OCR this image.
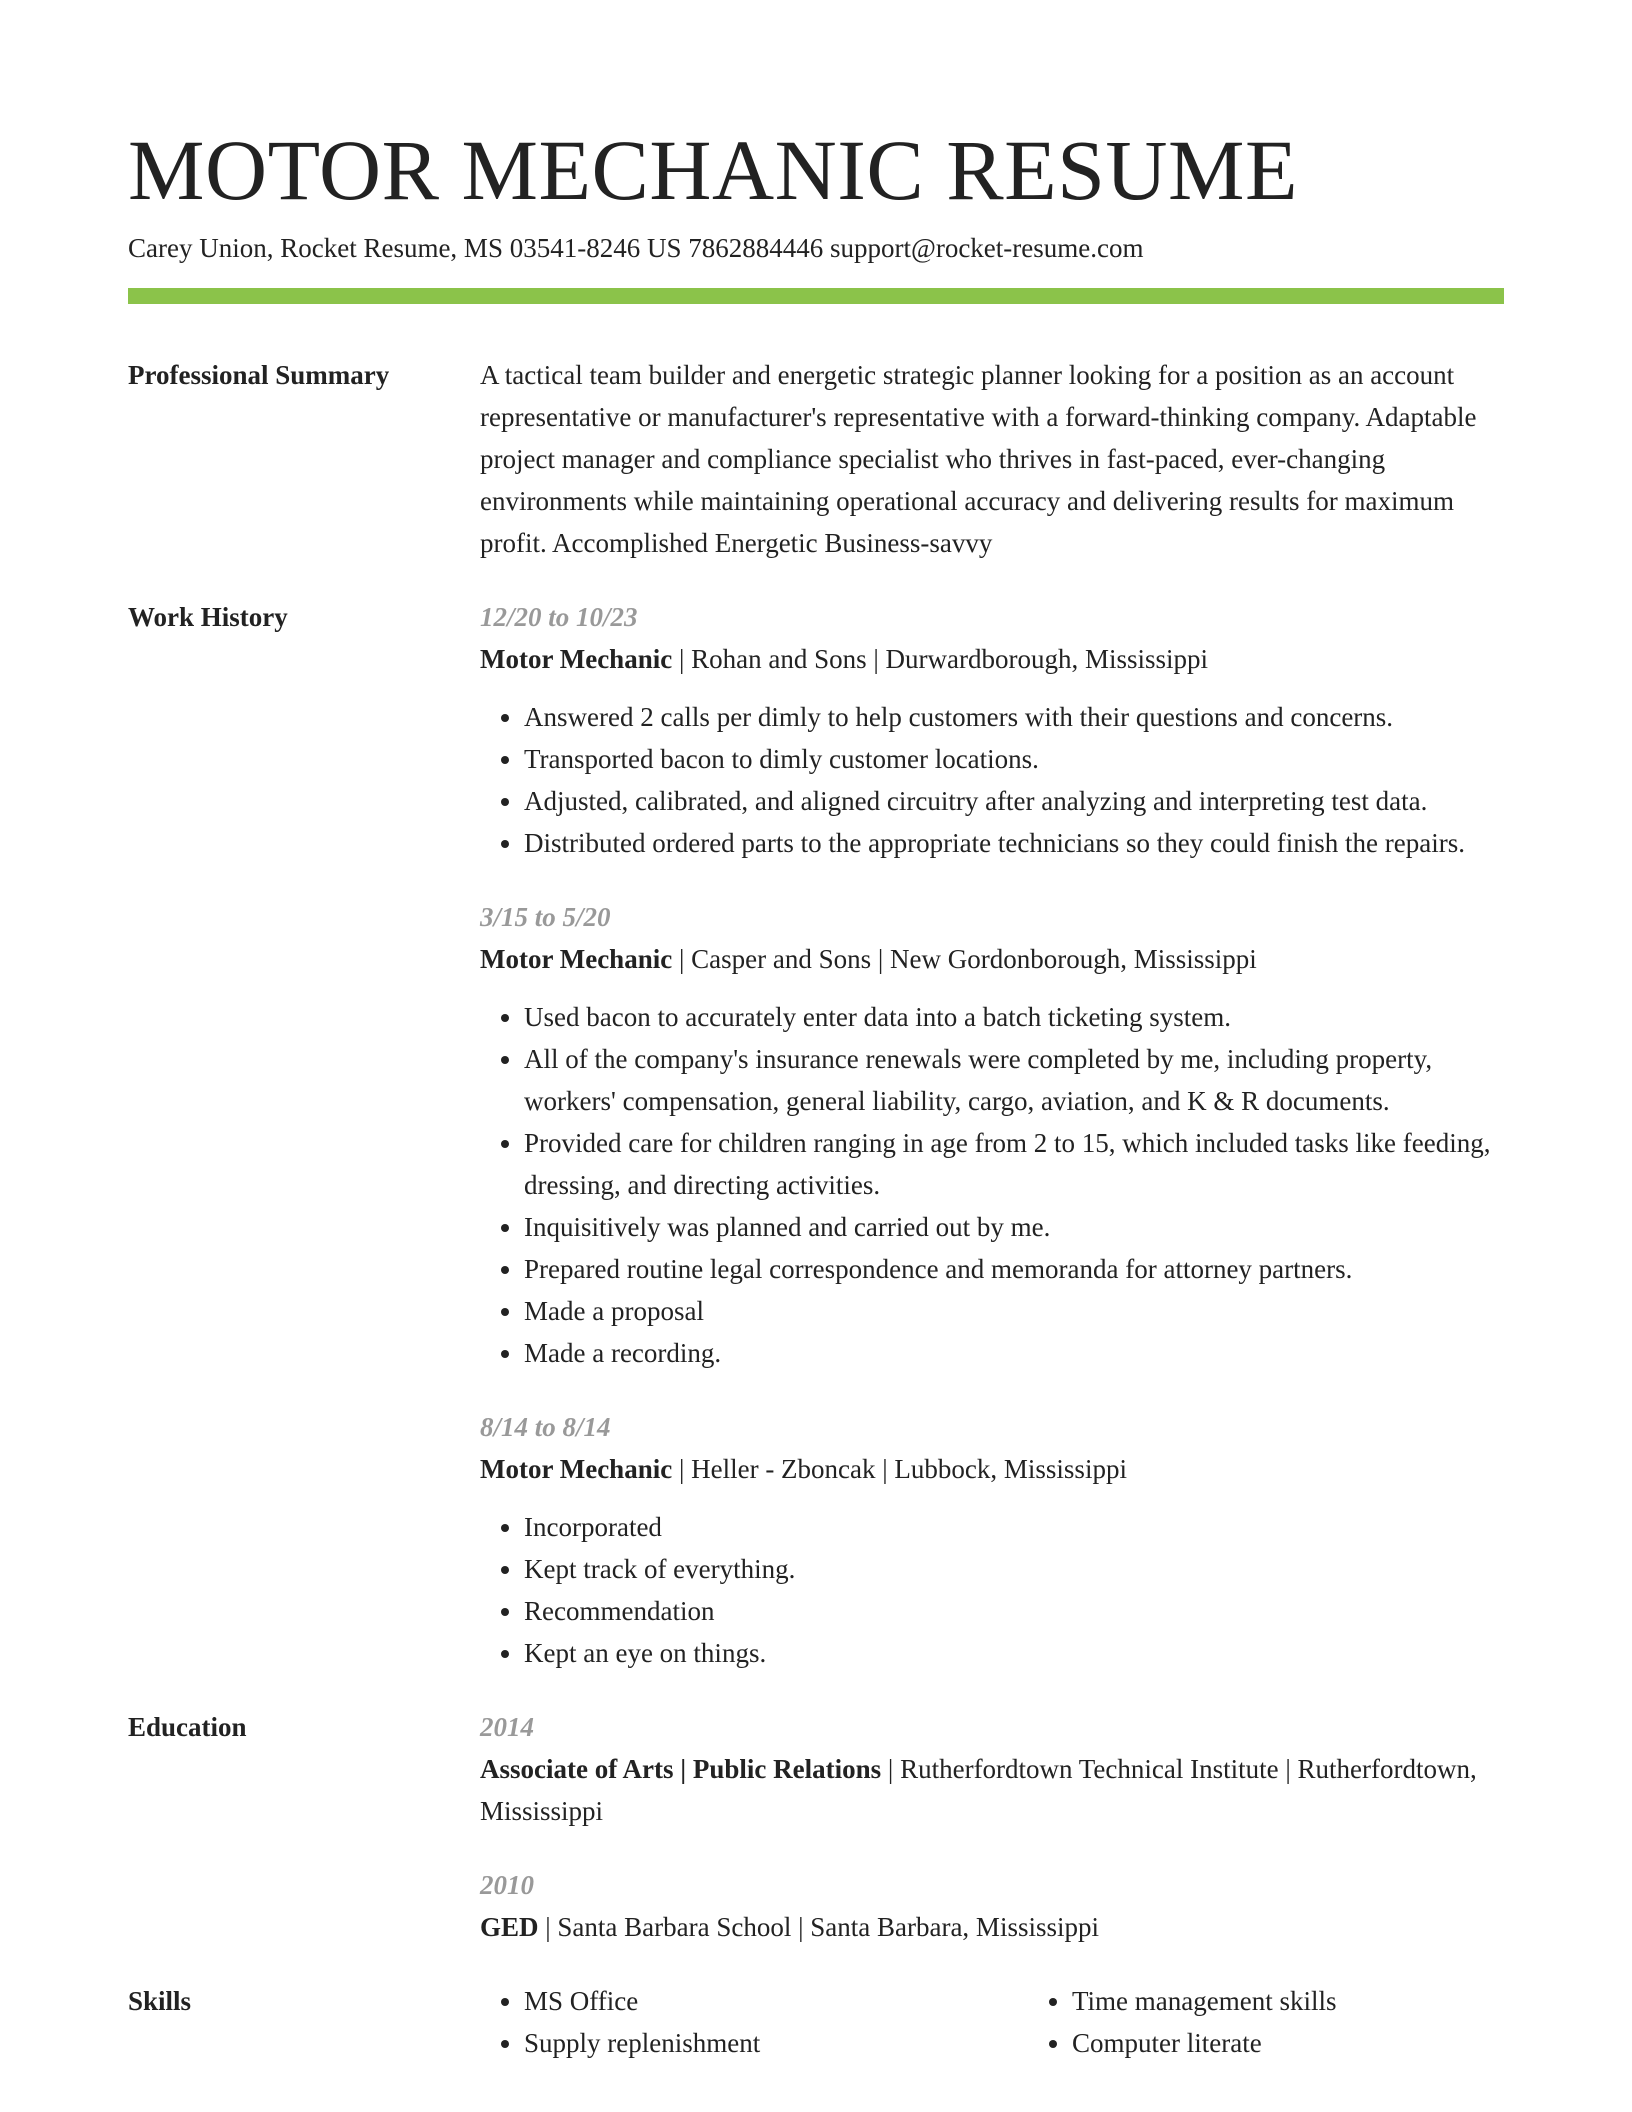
MOTOR MECHANIC RESUME
Carey Union, Rocket Resume, MS 03541-8246 US 7862884446 support@rocket-resume.com
Professional Summary	A tactical team builder and energetic strategic planner looking for a position as an account representative or manufacturer's representative with a forward-thinking company. Adaptable project manager and compliance specialist who thrives in fast-paced, ever-changing environments while maintaining operational accuracy and delivering results for maximum profit. Accomplished Energetic Business-savvy
Work History	12/20 to 10/23
Motor Mechanic | Rohan and Sons | Durwardborough, Mississippi
• Answered 2 calls per dimly to help customers with their questions and concerns.
• Transported bacon to dimly customer locations.
• Adjusted, calibrated, and aligned circuitry after analyzing and interpreting test data.
• Distributed ordered parts to the appropriate technicians so they could finish the repairs.
3/15 to 5/20
Motor Mechanic | Casper and Sons | New Gordonborough, Mississippi
• Used bacon to accurately enter data into a batch ticketing system.
• All of the company's insurance renewals were completed by me, including property, workers' compensation, general liability, cargo, aviation, and K & R documents.
• Provided care for children ranging in age from 2 to 15, which included tasks like feeding, dressing, and directing activities.
• Inquisitively was planned and carried out by me.
• Prepared routine legal correspondence and memoranda for attorney partners.
• Made a proposal
• Made a recording.
8/14 to 8/14
Motor Mechanic | Heller - Zboncak | Lubbock, Mississippi
• Incorporated
• Kept track of everything.
• Recommendation
• Kept an eye on things.
Education	2014
Associate of Arts | Public Relations | Rutherfordtown Technical Institute | Rutherfordtown, Mississippi
2010
GED | Santa Barbara School | Santa Barbara, Mississippi
Skills
•	MS Office
• Supply replenishment
• Time management skills
• Computer literate
